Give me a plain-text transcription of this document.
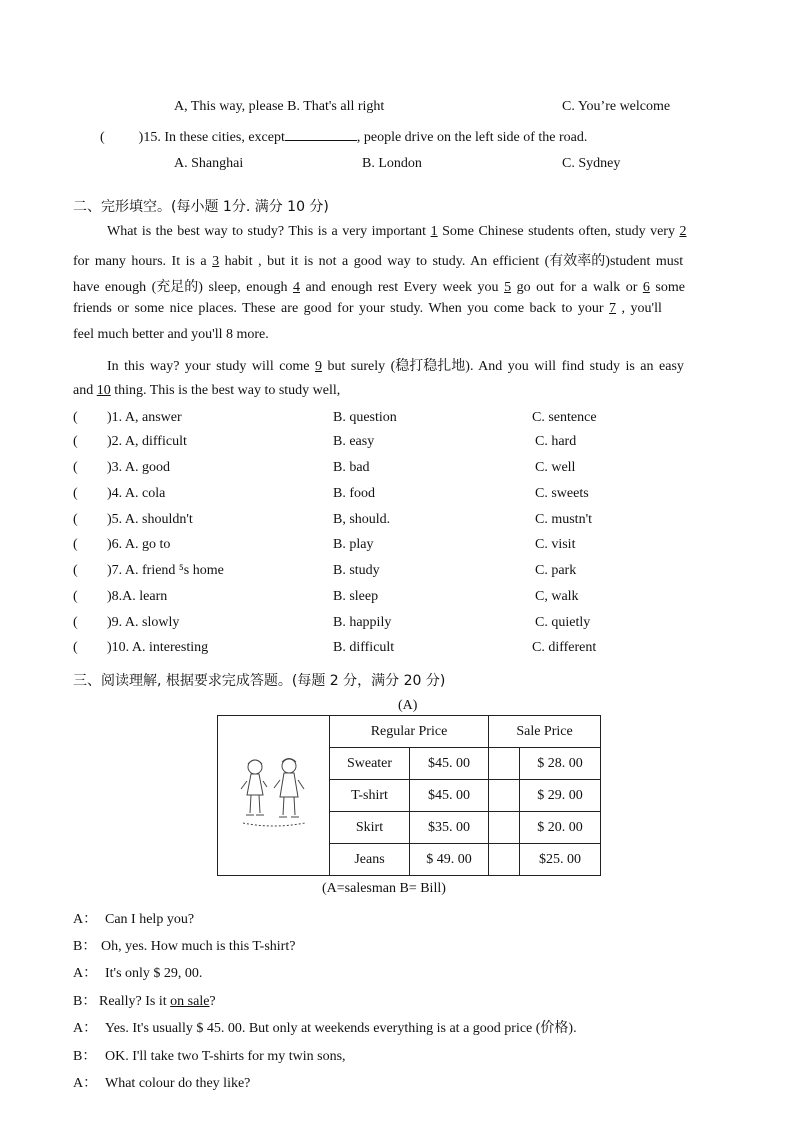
A, This way, please B. That's all right	C. You’re welcome
( )15. In these cities, except	, people drive on the left side of the road.
A. Shanghai	B. London	C. Sydney
二、完形填空。(每小题 1分. 满分 10 分)
What is the best way to study? This is a very important 1 Some Chinese students often, study very 2
for many hours. It is a 3 habit , but it is not a good way to study. An efficient (有效率的)student must
have enough (充足的) sleep, enough 4 and enough rest Every week you 5 go out for a walk or 6 some
friends or some nice places. These are good for your study. When you come back to your 7 , you'll
feel much better and you'll 8 more.
In this way? your study will come 9 but surely (稳打稳扎地). And you will find study is an easy
and 10 thing. This is the best way to study well,
( )1. A, answer	B. question	C. sentence
( )2. A, difficult	B. easy	C. hard
( )3. A. good	B. bad	C. well
( )4. A. cola	B. food	C. sweets
( )5. A. shouldn't	B, should.	C. mustn't
( )6. A. go to	B. play	C. visit
( )7. A. friend ⁵s home	B. study	C. park
( )8.A. learn	B. sleep	C, walk
( )9. A. slowly	B. happily	C. quietly
( )10. A. interesting	B. difficult	C. different
三、阅读理解, 根据要求完成答题。(每题 2 分，满分 20 分)
(A)
	Regular Price		Sale Price	
	Sweater	$45. 00		$ 28. 00
	T-shirt	$45. 00		$ 29. 00
	Skirt	$35. 00		$ 20. 00
	Jeans	$ 49. 00		$25. 00
(A=salesman B= Bill)
A： Can I help you?
B： Oh, yes. How much is this T-shirt?
A： It's only $ 29, 00.
B： Really? Is it on sale?
A： Yes. It's usually $ 45. 00. But only at weekends everything is at a good price (价格).
B： OK. I'll take two T-shirts for my twin sons,
A： What colour do they like?
